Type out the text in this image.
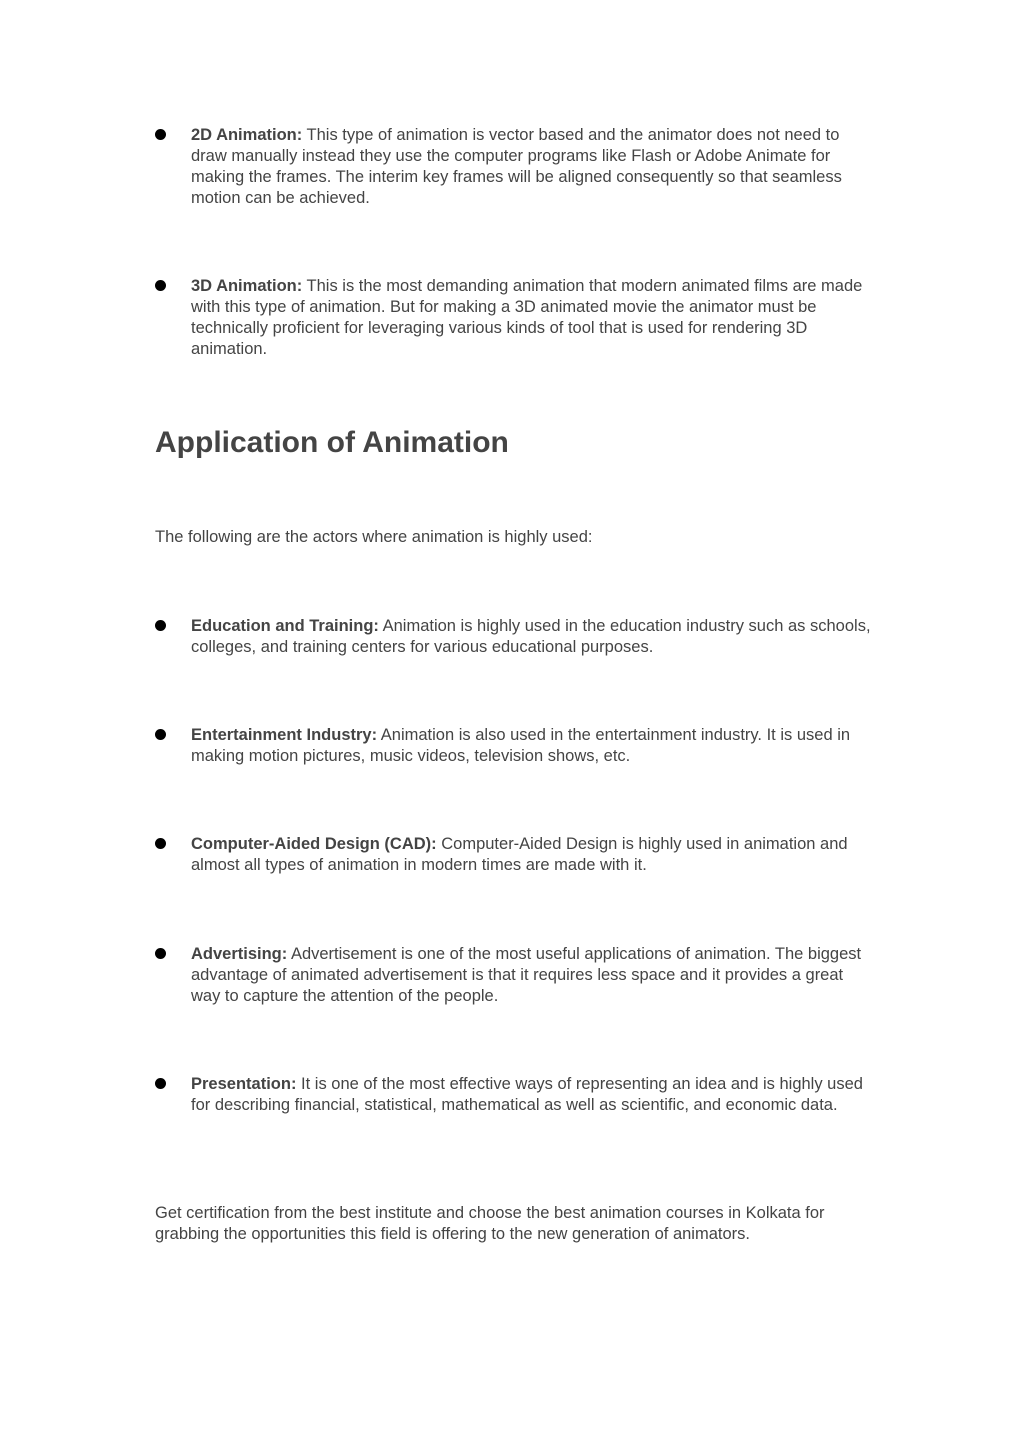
2D Animation: This type of animation is vector based and the animator does not need to draw manually instead they use the computer programs like Flash or Adobe Animate for making the frames. The interim key frames will be aligned consequently so that seamless motion can be achieved.
3D Animation: This is the most demanding animation that modern animated films are made with this type of animation. But for making a 3D animated movie the animator must be technically proficient for leveraging various kinds of tool that is used for rendering 3D animation.
Application of Animation

The following are the actors where animation is highly used:

Education and Training: Animation is highly used in the education industry such as schools, colleges, and training centers for various educational purposes.
Entertainment Industry: Animation is also used in the entertainment industry. It is used in making motion pictures, music videos, television shows, etc.
Computer-Aided Design (CAD): Computer-Aided Design is highly used in animation and almost all types of animation in modern times are made with it.
Advertising: Advertisement is one of the most useful applications of animation. The biggest advantage of animated advertisement is that it requires less space and it provides a great way to capture the attention of the people.
Presentation: It is one of the most effective ways of representing an idea and is highly used for describing financial, statistical, mathematical as well as scientific, and economic data.

Get certification from the best institute and choose the best animation courses in Kolkata for grabbing the opportunities this field is offering to the new generation of animators.
